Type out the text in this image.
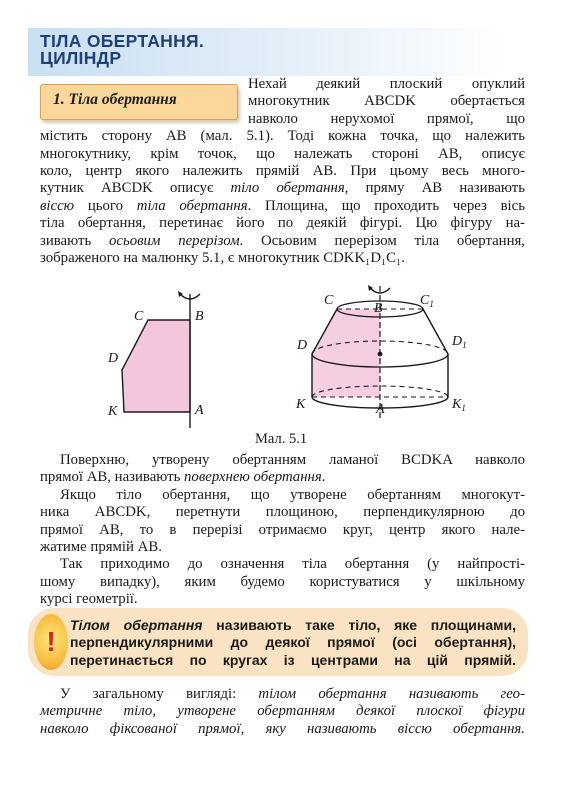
ТІЛА ОБЕРТАННЯ.
ЦИЛІНДР
Нехай деякий плоский опуклий
многокутник ABCDK обертається
навколо нерухомої прямої, що
містить сторону AB (мал. 5.1). Тоді кожна точка, що належить
многокутнику, крім точок, що належать стороні AB, описує
коло, центр якого належить прямій AB. При цьому весь много-
кутник ABCDK описує тіло обертання, пряму AB називають
віссю цього тіла обертання. Площина, що проходить через вісь
тіла обертання, перетинає його по деякій фігурі. Цю фігуру на-
зивають осьовим перерізом. Осьовим перерізом тіла обертання,
зображеного на малюнку 5.1, є многокутник CDKK₁D₁C₁.
1. Тіла обертання
C	B
D
K	A
C
B
$C_1$
D	$D_1$
K	A	$K_1$
Мал. 5.1
Поверхню, утворену обертанням ламаної BCDKA навколо
прямої AB, називають поверхнею обертання.
Якщо тіло обертання, що утворене обертанням многокут-
ника ABCDK, перетнути площиною, перпендикулярною до
прямої AB, то в перерізі отримаємо круг, центр якого нале-
жатиме прямій AB.
Так приходимо до означення тіла обертання (у найпрості-
шому випадку), яким будемо користуватися у шкільному
курсі геометрії.
!
Тілом обертання називають таке тіло, яке площинами,
перпендикулярними до деякої прямої (осі обертання),
перетинається по кругах із центрами на цій прямій.
У загальному вигляді: тілом обертання називають гео-
метричне тіло, утворене обертанням деякої плоскої фігури
навколо фіксованої прямої, яку називають віссю обертання.
